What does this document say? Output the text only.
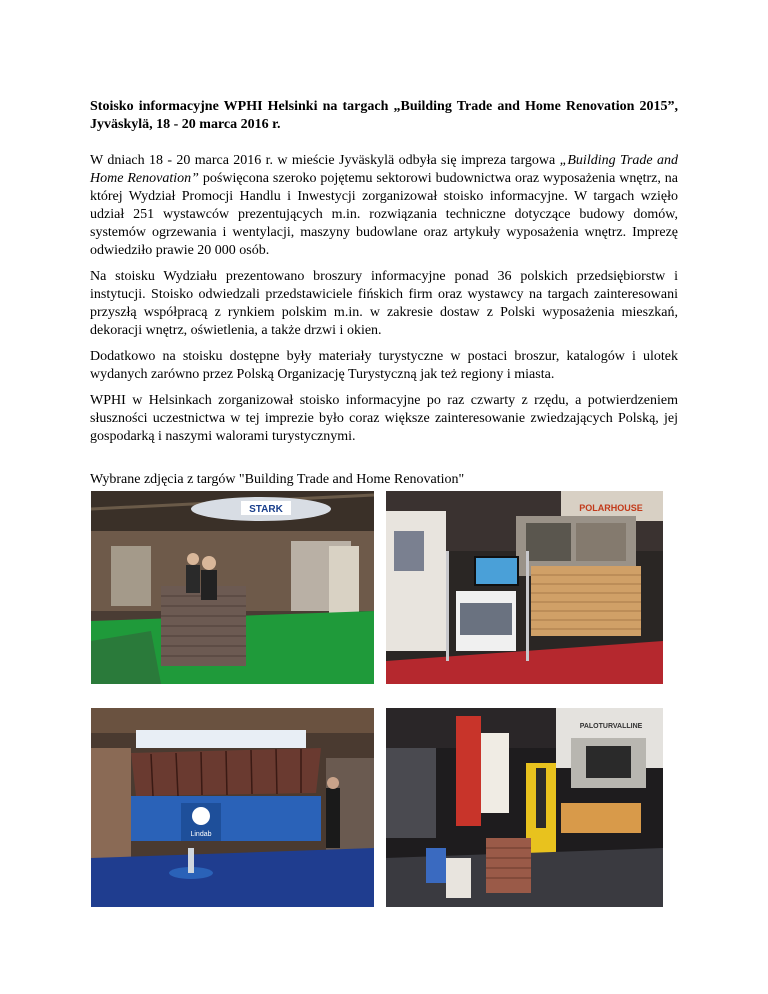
Stoisko informacyjne WPHI Helsinki na targach „Building Trade and Home Renovation 2015”, Jyväskylä, 18 - 20 marca 2016 r.

W dniach 18 - 20 marca 2016 r. w mieście Jyväskylä odbyła się impreza targowa „Building Trade and Home Renovation” poświęcona szeroko pojętemu sektorowi budownictwa oraz wyposażenia wnętrz, na której Wydział Promocji Handlu i Inwestycji zorganizował stoisko informacyjne. W targach wzięło udział 251 wystawców prezentujących m.in. rozwiązania techniczne dotyczące budowy domów, systemów ogrzewania i wentylacji, maszyny budowlane oraz artykuły wyposażenia wnętrz. Imprezę odwiedziło prawie 20 000 osób.

Na stoisku Wydziału prezentowano broszury informacyjne ponad 36 polskich przedsiębiorstw i instytucji. Stoisko odwiedzali przedstawiciele fińskich firm oraz wystawcy na targach zainteresowani przyszłą współpracą z rynkiem polskim m.in. w zakresie dostaw z Polski wyposażenia mieszkań, dekoracji wnętrz, oświetlenia, a także drzwi i okien.

Dodatkowo na stoisku dostępne były materiały turystyczne w postaci broszur, katalogów i ulotek wydanych zarówno przez Polską Organizację Turystyczną jak też regiony i miasta.

WPHI w Helsinkach zorganizował stoisko informacyjne po raz czwarty z rzędu, a potwierdzeniem słuszności uczestnictwa w tej imprezie było coraz większe zainteresowanie zwiedzających Polską, jej gospodarką i naszymi walorami turystycznymi.

Wybrane zdjęcia z targów "Building Trade and Home Renovation"

STARK	POLARHOUSE
Lindab
PALOTURVALLINE
